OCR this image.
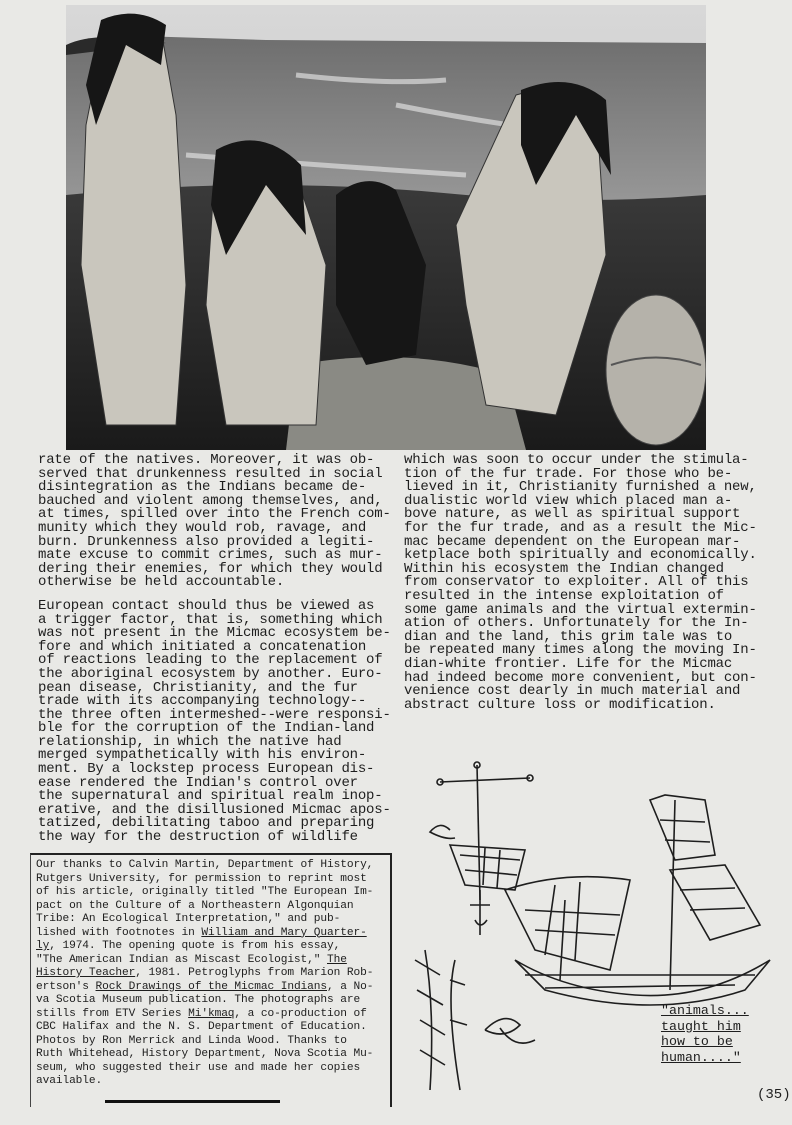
rate of the natives. Moreover, it was ob-
served that drunkenness resulted in social
disintegration as the Indians became de-
bauched and violent among themselves, and,
at times, spilled over into the French com-
munity which they would rob, ravage, and
burn. Drunkenness also provided a legiti-
mate excuse to commit crimes, such as mur-
dering their enemies, for which they would
otherwise be held accountable.
European contact should thus be viewed as
a trigger factor, that is, something which
was not present in the Micmac ecosystem be-
fore and which initiated a concatenation
of reactions leading to the replacement of
the aboriginal ecosystem by another. Euro-
pean disease, Christianity, and the fur
trade with its accompanying technology--
the three often intermeshed--were responsi-
ble for the corruption of the Indian-land
relationship, in which the native had
merged sympathetically with his environ-
ment. By a lockstep process European dis-
ease rendered the Indian's control over
the supernatural and spiritual realm inop-
erative, and the disillusioned Micmac apos-
tatized, debilitating taboo and preparing
the way for the destruction of wildlife
which was soon to occur under the stimula-
tion of the fur trade. For those who be-
lieved in it, Christianity furnished a new,
dualistic world view which placed man a-
bove nature, as well as spiritual support
for the fur trade, and as a result the Mic-
mac became dependent on the European mar-
ketplace both spiritually and economically.
Within his ecosystem the Indian changed
from conservator to exploiter. All of this
resulted in the intense exploitation of
some game animals and the virtual extermin-
ation of others. Unfortunately for the In-
dian and the land, this grim tale was to
be repeated many times along the moving In-
dian-white frontier. Life for the Micmac
had indeed become more convenient, but con-
venience cost dearly in much material and
abstract culture loss or modification.
Our thanks to Calvin Martin, Department of History,
Rutgers University, for permission to reprint most
of his article, originally titled "The European Im-
pact on the Culture of a Northeastern Algonquian
Tribe: An Ecological Interpretation," and pub-
lished with footnotes in William and Mary Quarter-
ly, 1974. The opening quote is from his essay,
"The American Indian as Miscast Ecologist," The
History Teacher, 1981. Petroglyphs from Marion Rob-
ertson's Rock Drawings of the Micmac Indians, a No-
va Scotia Museum publication. The photographs are
stills from ETV Series Mi'kmaq, a co-production of
CBC Halifax and the N. S. Department of Education.
Photos by Ron Merrick and Linda Wood. Thanks to
Ruth Whitehead, History Department, Nova Scotia Mu-
seum, who suggested their use and made her copies
available.
"animals...
taught him
how to be
human...."
(35)
